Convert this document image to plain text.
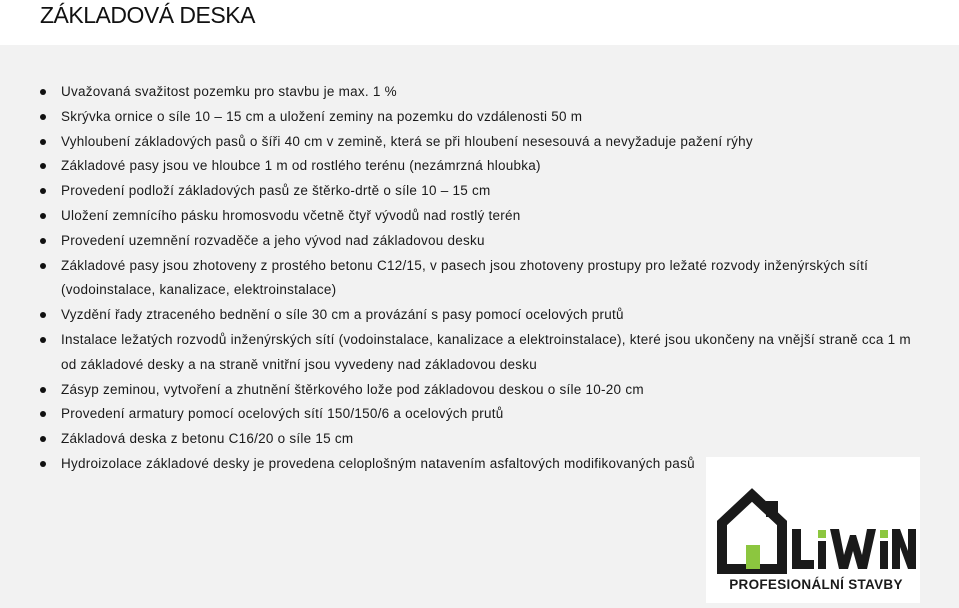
ZÁKLADOVÁ DESKA
Uvažovaná svažitost pozemku pro stavbu je max. 1 %
Skrývka ornice o síle 10 – 15 cm a uložení zeminy na pozemku do vzdálenosti 50 m
Vyhloubení základových pasů o šíři 40 cm v zemině, která se při hloubení nesesouvá a nevyžaduje pažení rýhy
Základové pasy jsou ve hloubce 1 m od rostlého terénu (nezámrzná hloubka)
Provedení podloží základových pasů ze štěrko-drtě o síle 10 – 15 cm
Uložení zemnícího pásku hromosvodu včetně čtyř vývodů nad rostlý terén
Provedení uzemnění rozvaděče a jeho vývod nad základovou desku
Základové pasy jsou zhotoveny z prostého betonu C12/15, v pasech jsou zhotoveny prostupy pro ležaté rozvody inženýrských sítí (vodoinstalace, kanalizace, elektroinstalace)
Vyzdění řady ztraceného bednění o síle 30 cm a provázání s pasy pomocí ocelových prutů
Instalace ležatých rozvodů inženýrských sítí (vodoinstalace, kanalizace a elektroinstalace), které jsou ukončeny na vnější straně cca 1 m od základové desky a na straně vnitřní jsou vyvedeny nad základovou desku
Zásyp zeminou, vytvoření a zhutnění štěrkového lože pod základovou deskou o síle 10-20 cm
Provedení armatury pomocí ocelových sítí 150/150/6 a ocelových prutů
Základová deska z betonu C16/20 o síle 15 cm
Hydroizolace základové desky je provedena celoplošným natavením asfaltových modifikovaných pasů
PROFESIONÁLNÍ STAVBY
